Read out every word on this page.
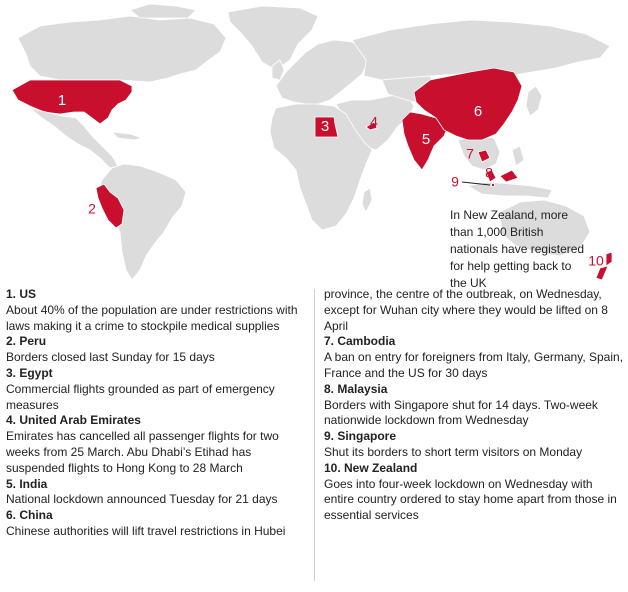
1
2
3	4
5
6
7
8
9
10
In New Zealand, more than 1,000 British nationals have registered for help getting back to the UK
1. US
About 40% of the population are under restrictions with laws making it a crime to stockpile medical supplies
2. Peru
Borders closed last Sunday for 15 days
3. Egypt
Commercial flights grounded as part of emergency measures
4. United Arab Emirates
Emirates has cancelled all passenger flights for two weeks from 25 March. Abu Dhabi’s Etihad has suspended flights to Hong Kong to 28 March
5. India
National lockdown announced Tuesday for 21 days
6. China
Chinese authorities will lift travel restrictions in Hubei
province, the centre of the outbreak, on Wednesday, except for Wuhan city where they would be lifted on 8 April
7. Cambodia
A ban on entry for foreigners from Italy, Germany, Spain, France and the US for 30 days
8. Malaysia
Borders with Singapore shut for 14 days. Two-week nationwide lockdown from Wednesday
9. Singapore
Shut its borders to short term visitors on Monday
10. New Zealand
Goes into four-week lockdown on Wednesday with entire country ordered to stay home apart from those in essential services
